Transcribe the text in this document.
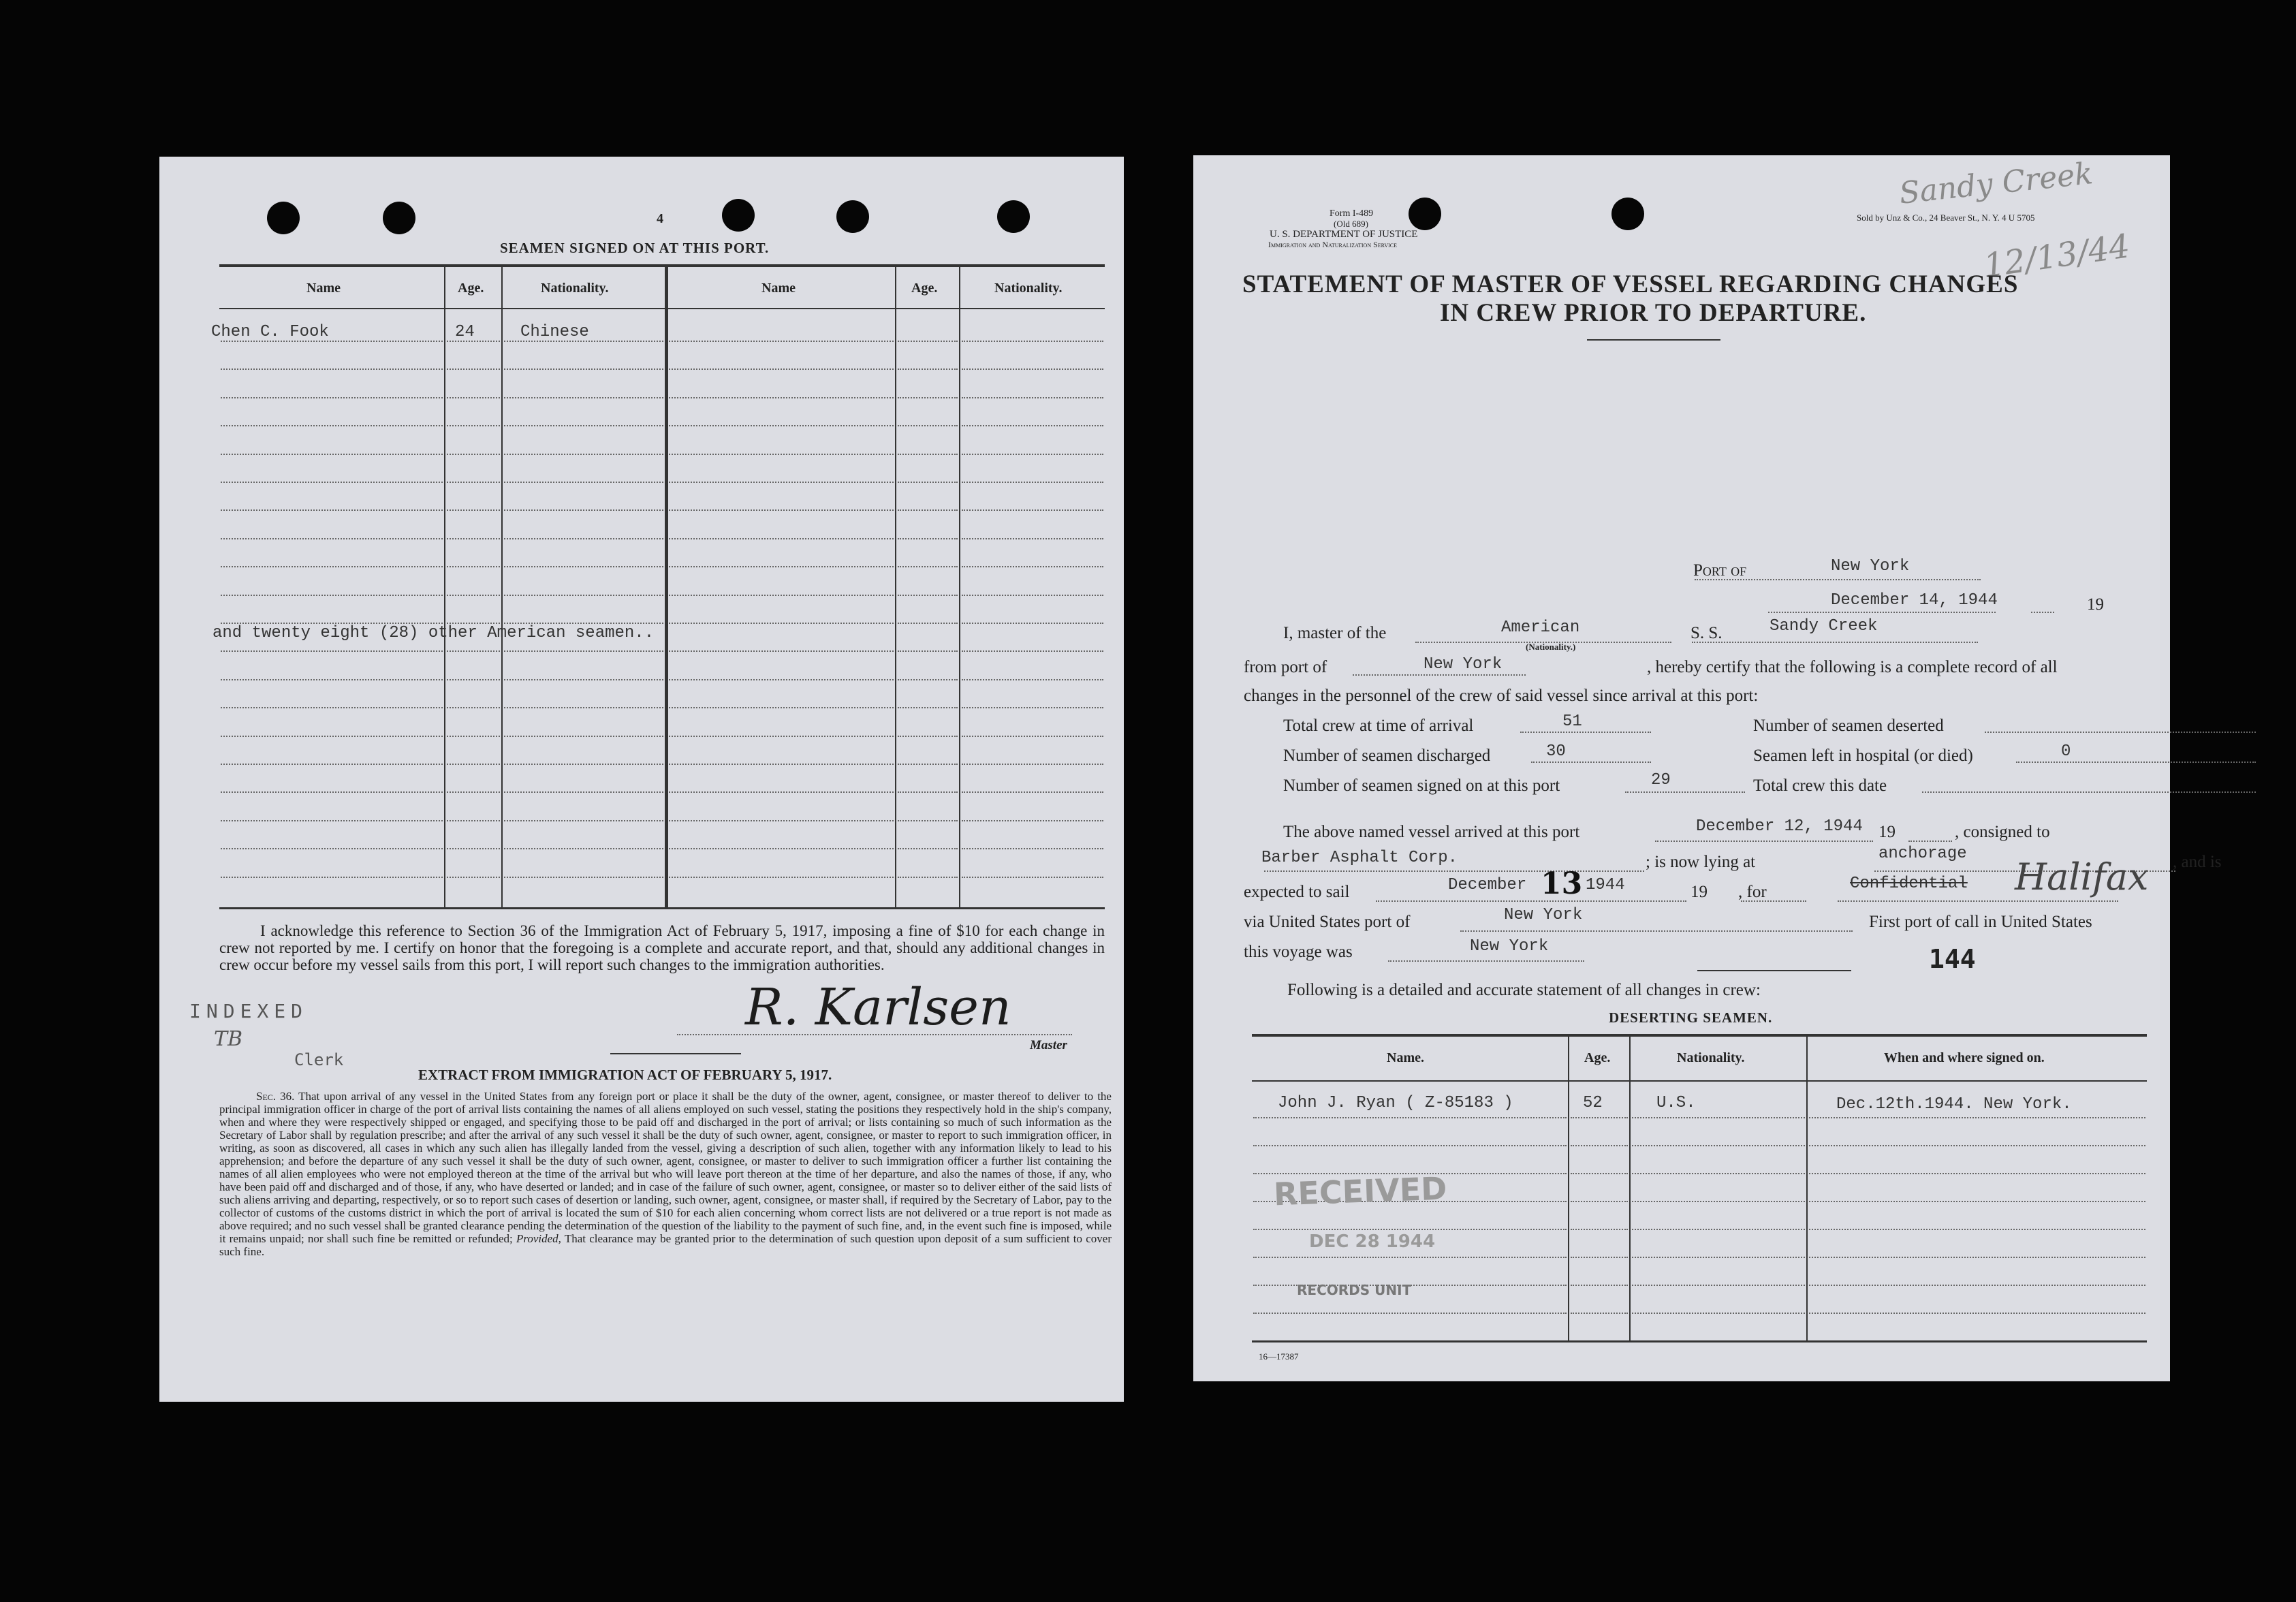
4
SEAMEN SIGNED ON AT THIS PORT.
Name	Age.	Nationality.	Name	Age.	Nationality.
Chen C. Fook	24	Chinese
and twenty eight (28) other American seamen..
I acknowledge this reference to Section 36 of the Immigration Act of February 5, 1917, imposing a fine of $10 for each change in crew not reported by me. I certify on honor that the foregoing is a complete and accurate report, and that, should any additional changes in crew occur before my vessel sails from this port, I will report such changes to the immigration authorities.
INDEXED
TB
Clerk
R. Karlsen
Master
EXTRACT FROM IMMIGRATION ACT OF FEBRUARY 5, 1917.
Sec. 36. That upon arrival of any vessel in the United States from any foreign port or place it shall be the duty of the owner, agent, consignee, or master thereof to deliver to the principal immigration officer in charge of the port of arrival lists containing the names of all aliens employed on such vessel, stating the positions they respectively hold in the ship's company, when and where they were respectively shipped or engaged, and specifying those to be paid off and discharged in the port of arrival; or lists containing so much of such information as the Secretary of Labor shall by regulation prescribe; and after the arrival of any such vessel it shall be the duty of such owner, agent, consignee, or master to report to such immigration officer, in writing, as soon as discovered, all cases in which any such alien has illegally landed from the vessel, giving a description of such alien, together with any information likely to lead to his apprehension; and before the departure of any such vessel it shall be the duty of such owner, agent, consignee, or master to deliver to such immigration officer a further list containing the names of all alien employees who were not employed thereon at the time of the arrival but who will leave port thereon at the time of her departure, and also the names of those, if any, who have been paid off and discharged and of those, if any, who have deserted or landed; and in case of the failure of such owner, agent, consignee, or master so to deliver either of the said lists of such aliens arriving and departing, respectively, or so to report such cases of desertion or landing, such owner, agent, consignee, or master shall, if required by the Secretary of Labor, pay to the collector of customs of the customs district in which the port of arrival is located the sum of $10 for each alien concerning whom correct lists are not delivered or a true report is not made as above required; and no such vessel shall be granted clearance pending the determination of the question of the liability to the payment of such fine, and, in the event such fine is imposed, while it remains unpaid; nor shall such fine be remitted or refunded; Provided, That clearance may be granted prior to the determination of such question upon deposit of a sum sufficient to cover such fine.
Form I-489
(Old 689)
U. S. DEPARTMENT OF JUSTICE
Immigration and Naturalization Service
Sold by Unz & Co., 24 Beaver St., N. Y. 4 U 5705
Sandy Creek
12/13/44
STATEMENT OF MASTER OF VESSEL REGARDING CHANGES
IN CREW PRIOR TO DEPARTURE.
Port of	New York
December 14, 1944	19
I, master of the	American
(Nationality.)
S. S.	Sandy Creek
from port of	New York	, hereby certify that the following is a complete record of all
changes in the personnel of the crew of said vessel since arrival at this port:
Total crew at time of arrival	51	Number of seamen deserted
Number of seamen discharged	30	Seamen left in hospital (or died)	0
Number of seamen signed on at this port	29	Total crew this date
The above named vessel arrived at this port	December 12, 1944 19	, consigned to
Barber Asphalt Corp.	; is now lying at	anchorage	, and is
expected to sail	December 13 1944	19 , for	Confidential Halifax
via United States port of	New York	First port of call in United States
this voyage was	New York	144
Following is a detailed and accurate statement of all changes in crew:
DESERTING SEAMEN.
Name.	Age.	Nationality.	When and where signed on.
John J. Ryan ( Z-85183 )	52	U.S.	Dec.12th.1944. New York.
RECEIVED
DEC 28 1944
RECORDS UNIT
16—17387
